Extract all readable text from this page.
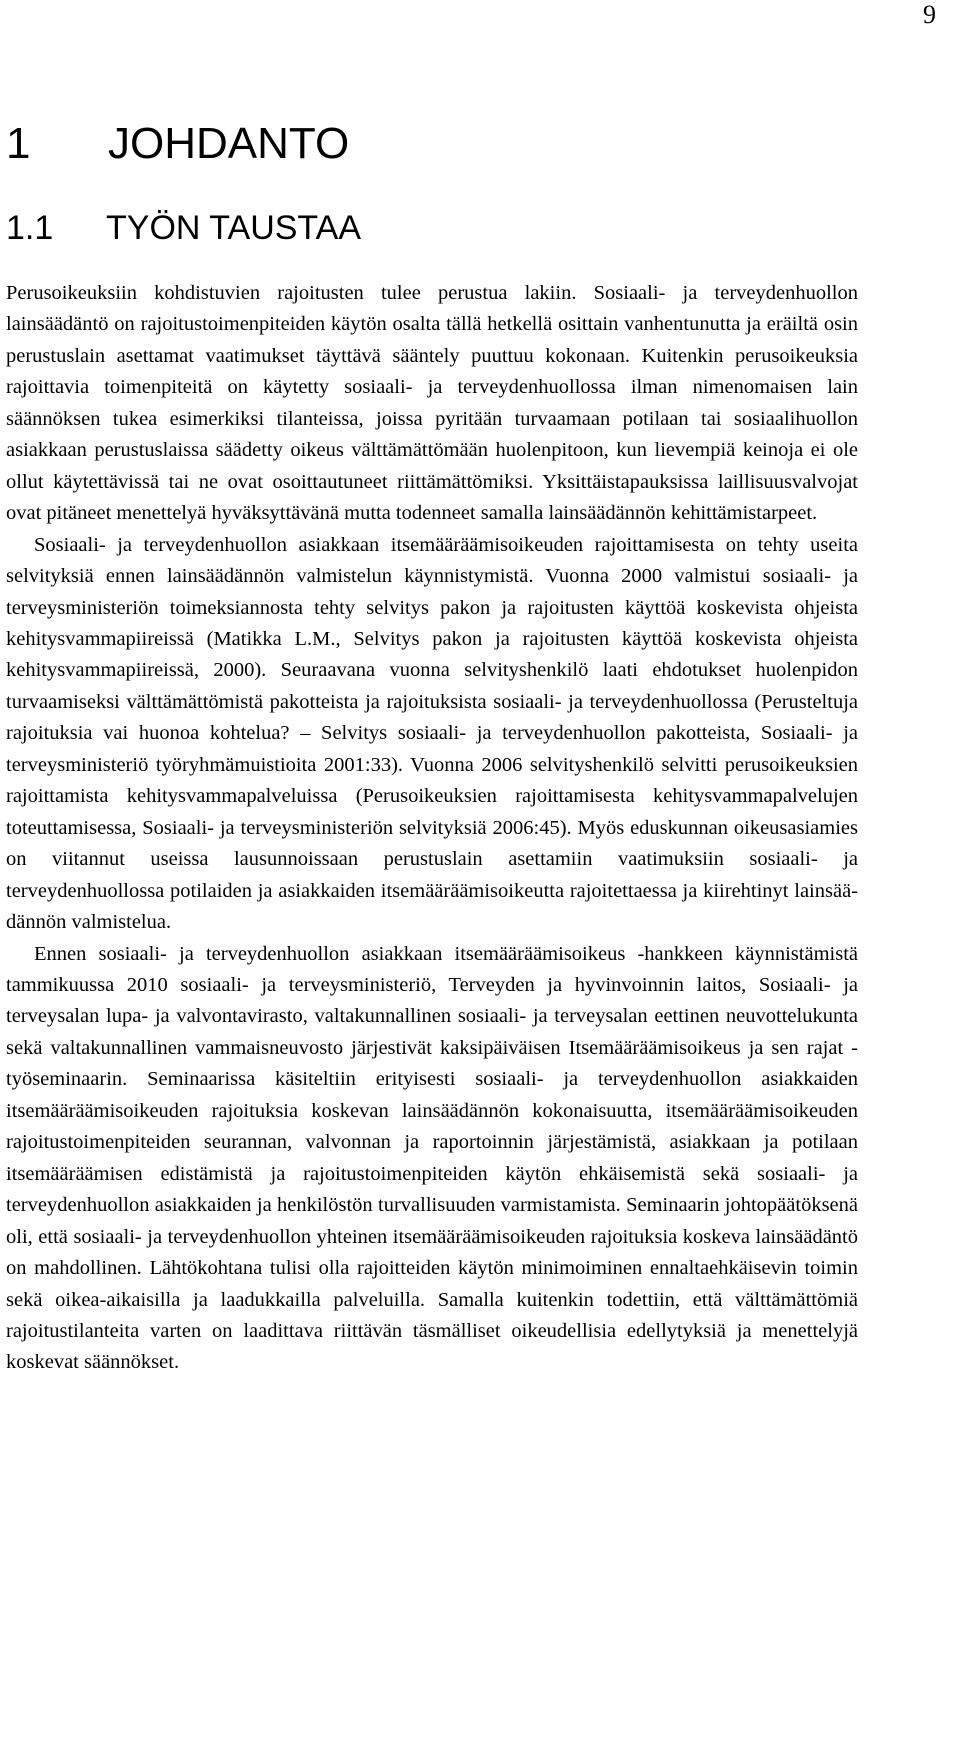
9
1 JOHDANTO
1.1 TYÖN TAUSTAA

Perusoikeuksiin kohdistuvien rajoitusten tulee perustua lakiin. Sosiaali- ja terveydenhuollon lainsäädäntö on rajoitustoimenpiteiden käytön osalta tällä hetkellä osittain vanhentunutta ja eräiltä osin perustuslain asettamat vaatimukset täyttävä sääntely puuttuu kokonaan. Kuitenkin perusoikeuksia rajoittavia toimenpiteitä on käytetty sosiaali- ja terveydenhuollossa ilman nimenomaisen lain säännöksen tukea esimerkiksi tilanteissa, joissa pyritään turvaamaan potilaan tai sosiaalihuollon asiakkaan perustuslaissa säädetty oikeus välttämättömään huolenpitoon, kun lievempiä keinoja ei ole ollut käytettävissä tai ne ovat osoittautuneet riittämättömiksi. Yksittäistapauksissa laillisuusvalvojat ovat pitäneet menettelyä hyväksyttävänä mutta todenneet samalla lainsäädännön kehittämistarpeet.

Sosiaali- ja terveydenhuollon asiakkaan itsemääräämisoikeuden rajoittamisesta on tehty useita selvityksiä ennen lainsäädännön valmistelun käynnistymistä. Vuonna 2000 valmistui sosiaali- ja terveysministeriön toimeksiannosta tehty selvitys pakon ja rajoitusten käyttöä koskevista ohjeista kehitysvammapiireissä (Matikka L.M., Selvitys pakon ja rajoitusten käyttöä koskevista ohjeista kehitysvammapiireissä, 2000). Seuraavana vuonna selvityshenkilö laati ehdotukset huolenpidon turvaamiseksi välttämättömistä pakotteista ja rajoituksista sosiaali- ja terveydenhuollossa (Perusteltuja rajoituksia vai huonoa kohtelua? – Selvitys sosiaali- ja terveydenhuollon pakotteista, Sosiaali- ja terveysministeriö työryhmämuistioita 2001:33). Vuonna 2006 selvityshenkilö selvitti perusoikeuksien rajoittamista kehitysvammapalveluissa (Perusoikeuksien rajoittamisesta kehitysvammapalvelujen toteuttamisessa, Sosiaali- ja terveysministeriön selvityksiä 2006:45). Myös eduskunnan oikeusasiamies on viitannut useissa lausunnoissaan perustuslain asettamiin vaatimuksiin sosiaali- ja terveydenhuollossa potilaiden ja asiakkaiden itsemääräämisoikeutta rajoitettaessa ja kiirehtinyt lainsäädännön valmistelua.

Ennen sosiaali- ja terveydenhuollon asiakkaan itsemääräämisoikeus -hankkeen käynnistämistä tammikuussa 2010 sosiaali- ja terveysministeriö, Terveyden ja hyvinvoinnin laitos, Sosiaali- ja terveysalan lupa- ja valvontavirasto, valtakunnallinen sosiaali- ja terveysalan eettinen neuvottelukunta sekä valtakunnallinen vammaisneuvosto järjestivät kaksipäiväisen Itsemääräämisoikeus ja sen rajat -työseminaarin. Seminaarissa käsiteltiin erityisesti sosiaali- ja terveydenhuollon asiakkaiden itsemääräämisoikeuden rajoituksia koskevan lainsäädännön kokonaisuutta, itsemääräämisoikeuden rajoitustoimenpiteiden seurannan, valvonnan ja raportoinnin järjestämistä, asiakkaan ja potilaan itsemääräämisen edistämistä ja rajoitustoimenpiteiden käytön ehkäisemistä sekä sosiaali- ja terveydenhuollon asiakkaiden ja henkilöstön turvallisuuden varmistamista. Seminaarin johtopäätöksenä oli, että sosiaali- ja terveydenhuollon yhteinen itsemääräämisoikeuden rajoituksia koskeva lainsäädäntö on mahdollinen. Lähtökohtana tulisi olla rajoitteiden käytön minimoiminen ennaltaehkäisevin toimin sekä oikea-aikaisilla ja laadukkailla palveluilla. Samalla kuitenkin todettiin, että välttämättömiä rajoitustilanteita varten on laadittava riittävän täsmälliset oikeudellisia edellytyksiä ja menettelyjä koskevat säännökset.
